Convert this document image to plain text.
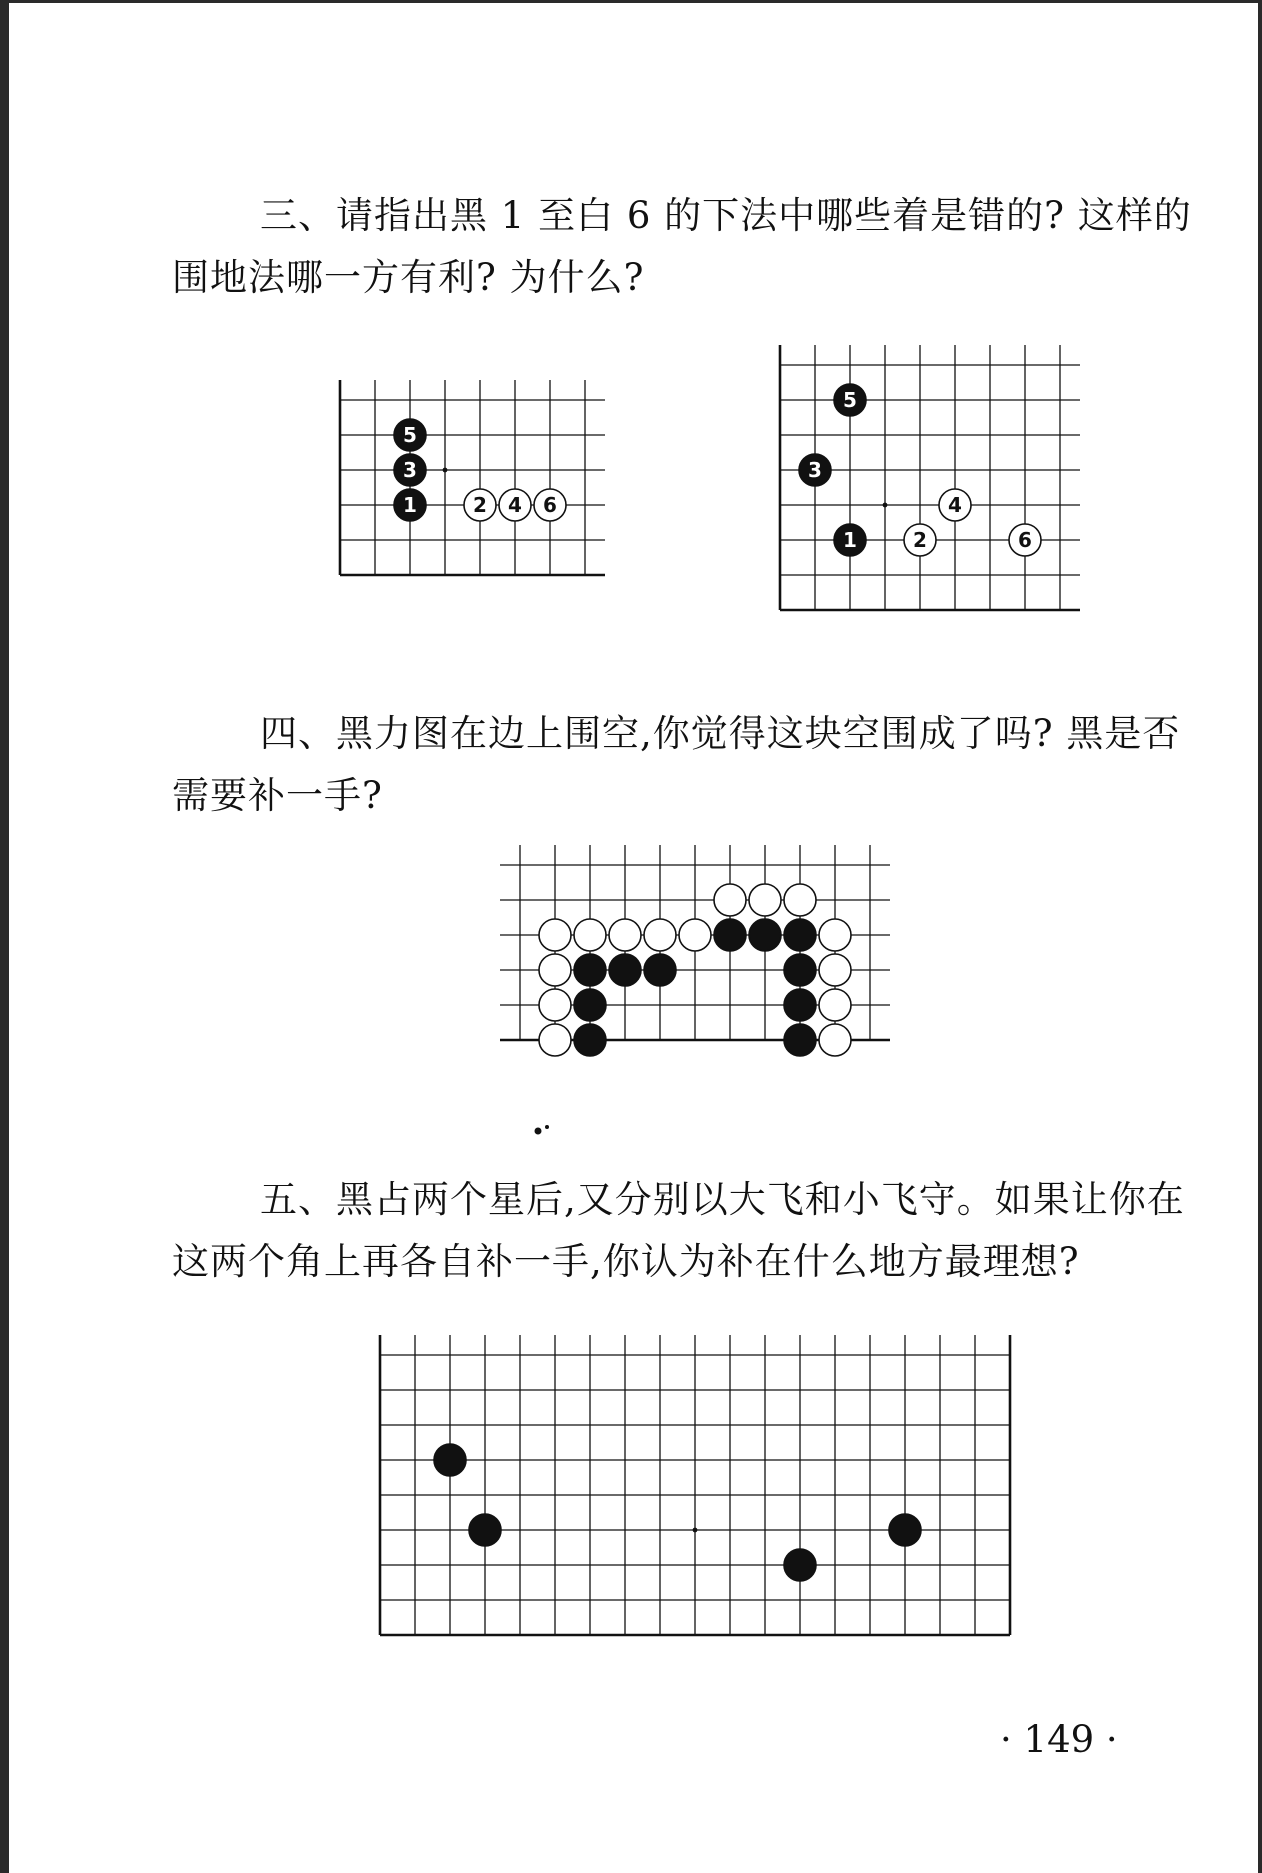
三、请指出黑 1 至白 6 的下法中哪些着是错的? 这样的
围地法哪一方有利? 为什么?

5
3
1	2 4 6
5
3
1
4
2	6

四、黑力图在边上围空,你觉得这块空围成了吗? 黑是否
需要补一手?

五、黑占两个星后,又分别以大飞和小飞守。如果让你在
这两个角上再各自补一手,你认为补在什么地方最理想?

· 149 ·
